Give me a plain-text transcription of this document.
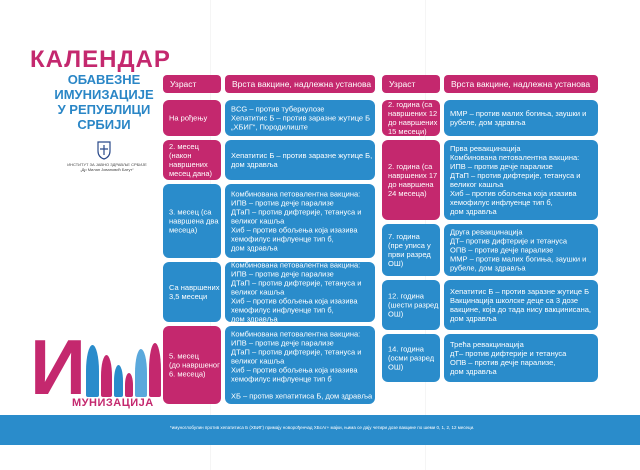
КАЛЕНДАР
ОБАВЕЗНЕ
ИМУНИЗАЦИЈЕ
У РЕПУБЛИЦИ
СРБИЈИ
ИНСТИТУТ ЗА ЈАВНО ЗДРАВЉЕ СРБИЈЕ
„Др Милан Јовановић Батут“
И
МУНИЗАЦИЈА
Узраст	Врста вакцине, надлежна установа
На рођењу
BCG – против туберкулозе
Хепатитис Б – против заразне жутице Б
„ХБИГ“, Породилиште
2. месец
(након
навршених
месец дана)
Хепатитис Б – против заразне жутице Б,
дом здравља
3. месец (са
навршена два
месеца)
Комбинована петовалентна вакцина:
ИПВ – против дечје парализе
ДТаП – против дифтерије, тетануса и
великог кашља
Хиб – против обољења која изазива
хемофилус инфлуенце тип б,
дом здравља
Са навршених
3,5 месеци
Комбинована петовалентна вакцина:
ИПВ – против дечје парализе
ДТаП – против дифтерије, тетануса и
великог кашља
Хиб – против обољења која изазива
хемофилус инфлуенце тип б,
дом здравља
5. месец
(до навршеног
6. месеца)
Комбинована петовалентна вакцина:
ИПВ – против дечје парализе
ДТаП – против дифтерије, тетануса и
великог кашља
Хиб – против обољења која изазива
хемофилус инфлуенце тип б
ХБ – против хепатитиса Б, дом здравља
Узраст	Врста вакцине, надлежна установа
2. година (са
навршених 12
до навршених
15 месеци)
ММР – против малих богиња, заушки и
рубеле, дом здравља
2. година (са
навршених 17
до навршена
24 месеца)
Прва ревакцинација
Комбинована петовалентна вакцина:
ИПВ – против дечје парализе
ДТаП – против дифтерије, тетануса и
великог кашља
Хиб – против обољења која изазива
хемофилус инфлуенце тип б,
дом здравља
7. година
(пре уписа у
први разред
ОШ)
Друга ревакцинација
ДТ– против дифтерије и тетануса
ОПВ – против дечје парализе
ММР – против малих богиња, заушки и
рубеле, дом здравља
12. година
(шести разред
ОШ)
Хепатитис Б – против заразне жутице Б
Вакцинација школске деце са 3 дозе
вакцине, која до тада нису вакцинисана,
дом здравља
14. година
(осми разред
ОШ)
Трећа ревакцинација
дТ– против дифтерије и тетануса
ОПВ – против дечје парализе,
дом здравља
*имуноглобулин против хепатитиса Б (ХБИГ) примају новорођенчад ХБсАг+ мајки, њима се дају четири дозе вакцине по шеми 0, 1, 2, 12 месеци.
